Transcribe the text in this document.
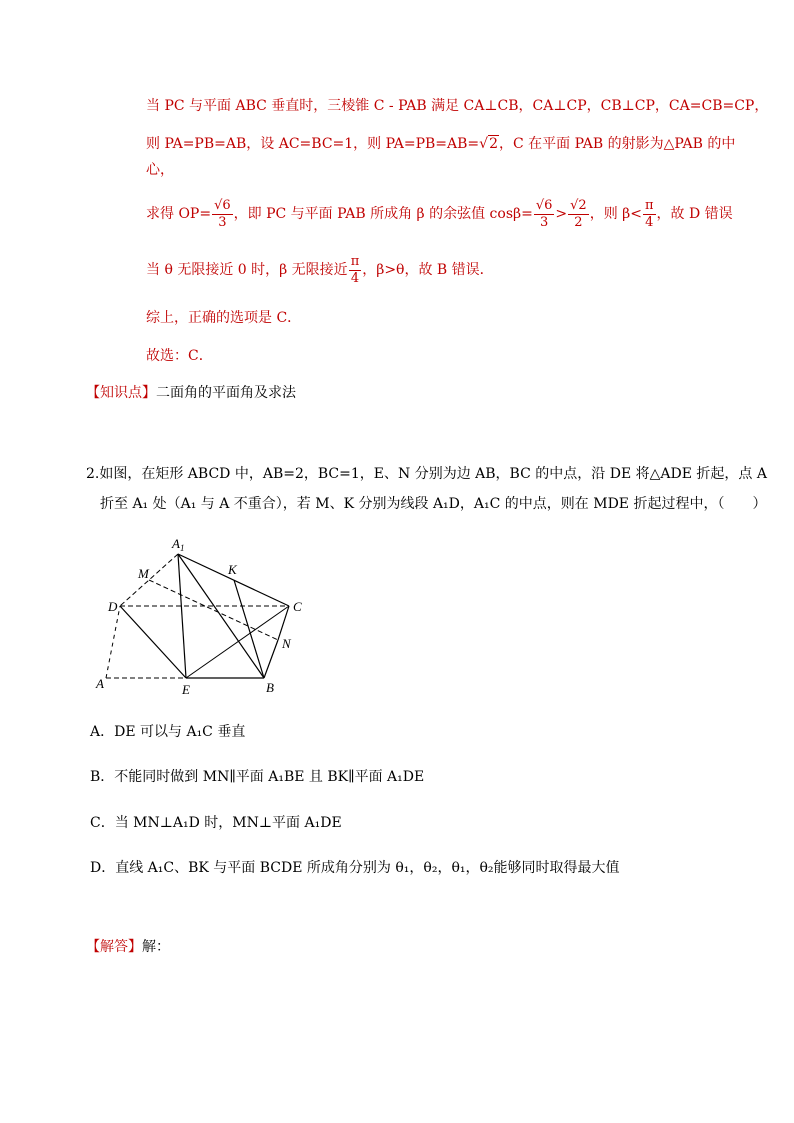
当 PC 与平面 ABC 垂直时，三棱锥 C - PAB 满足 CA⊥CB，CA⊥CP，CB⊥CP，CA=CB=CP，
则 PA=PB=AB，设 AC=BC=1，则 PA=PB=AB=√2，C 在平面 PAB 的射影为△PAB 的中
心，
求得 $OP= \frac{√6}{3}$ ，即 PC 与平面 PAB 所成角 β 的余弦值 $\cos\beta= \frac{√6}{3} > \frac{√2}{2}$ ，则 $\beta< \frac{\pi}{4}$ ，故 D 错误
当 θ 无限接近 0 时，β 无限接近 $\frac{\pi}{4}$ ，β>θ，故 B 错误．
综上，正确的选项是 C．
故选：C．
【知识点】二面角的平面角及求法
2.如图，在矩形 ABCD 中，AB=2，BC=1，E、N 分别为边 AB，BC 的中点，沿 DE 将△ADE 折起，点 A
折至 A₁ 处（A₁ 与 A 不重合），若 M、K 分别为线段 A₁D，A₁C 的中点，则在 MDE 折起过程中，（　　）
$A_1$
M	K
D	C
N
A	E	B
A．DE 可以与 A₁C 垂直
B．不能同时做到 MN∥平面 A₁BE 且 BK∥平面 A₁DE
C．当 MN⊥A₁D 时，MN⊥平面 A₁DE
D．直线 A₁C、BK 与平面 BCDE 所成角分别为 θ₁，θ₂，θ₁，θ₂能够同时取得最大值
【解答】解：
